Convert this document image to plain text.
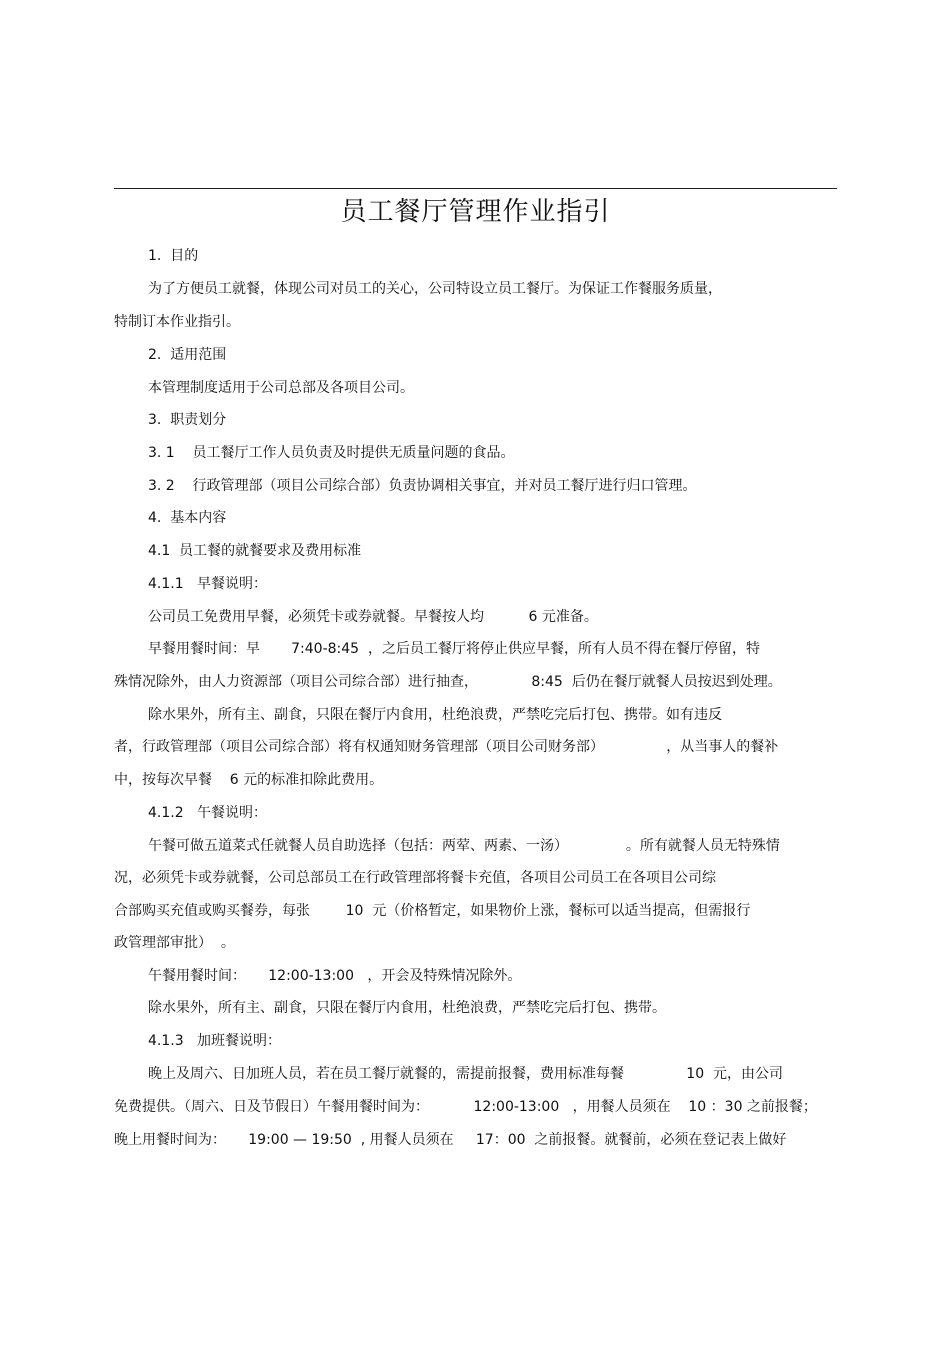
员工餐厅管理作业指引
1.  目的
为了方便员工就餐，体现公司对员工的关心，公司特设立员工餐厅。为保证工作餐服务质量，
特制订本作业指引。
2.  适用范围
本管理制度适用于公司总部及各项目公司。
3.  职责划分
3. 1    员工餐厅工作人员负责及时提供无质量问题的食品。
3. 2    行政管理部（项目公司综合部）负责协调相关事宜，并对员工餐厅进行归口管理。
4.  基本内容
4.1  员工餐的就餐要求及费用标准
4.1.1   早餐说明：
公司员工免费用早餐，必须凭卡或券就餐。早餐按人均          6 元准备。
早餐用餐时间：早       7:40-8:45  ，之后员工餐厅将停止供应早餐，所有人员不得在餐厅停留，特
殊情况除外，由人力资源部（项目公司综合部）进行抽查，            8:45  后仍在餐厅就餐人员按迟到处理。
除水果外，所有主、副食，只限在餐厅内食用，杜绝浪费，严禁吃完后打包、携带。如有违反
者，行政管理部（项目公司综合部）将有权通知财务管理部（项目公司财务部）              ，从当事人的餐补
中，按每次早餐    6 元的标准扣除此费用。
4.1.2   午餐说明：
午餐可做五道菜式任就餐人员自助选择（包括：两荤、两素、一汤）             。所有就餐人员无特殊情
况，必须凭卡或券就餐，公司总部员工在行政管理部将餐卡充值，各项目公司员工在各项目公司综
合部购买充值或购买餐券，每张        10  元（价格暂定，如果物价上涨，餐标可以适当提高，但需报行
政管理部审批）  。
午餐用餐时间：     12:00-13:00   ，开会及特殊情况除外。
除水果外，所有主、副食，只限在餐厅内食用，杜绝浪费，严禁吃完后打包、携带。
4.1.3   加班餐说明：
晚上及周六、日加班人员，若在员工餐厅就餐的，需提前报餐，费用标准每餐              10  元，由公司
免费提供。（周六、日及节假日）午餐用餐时间为：          12:00-13:00   ，用餐人员须在    10 ：30 之前报餐；
晚上用餐时间为：     19:00 — 19:50  , 用餐人员须在     17：00  之前报餐。就餐前，必须在登记表上做好
